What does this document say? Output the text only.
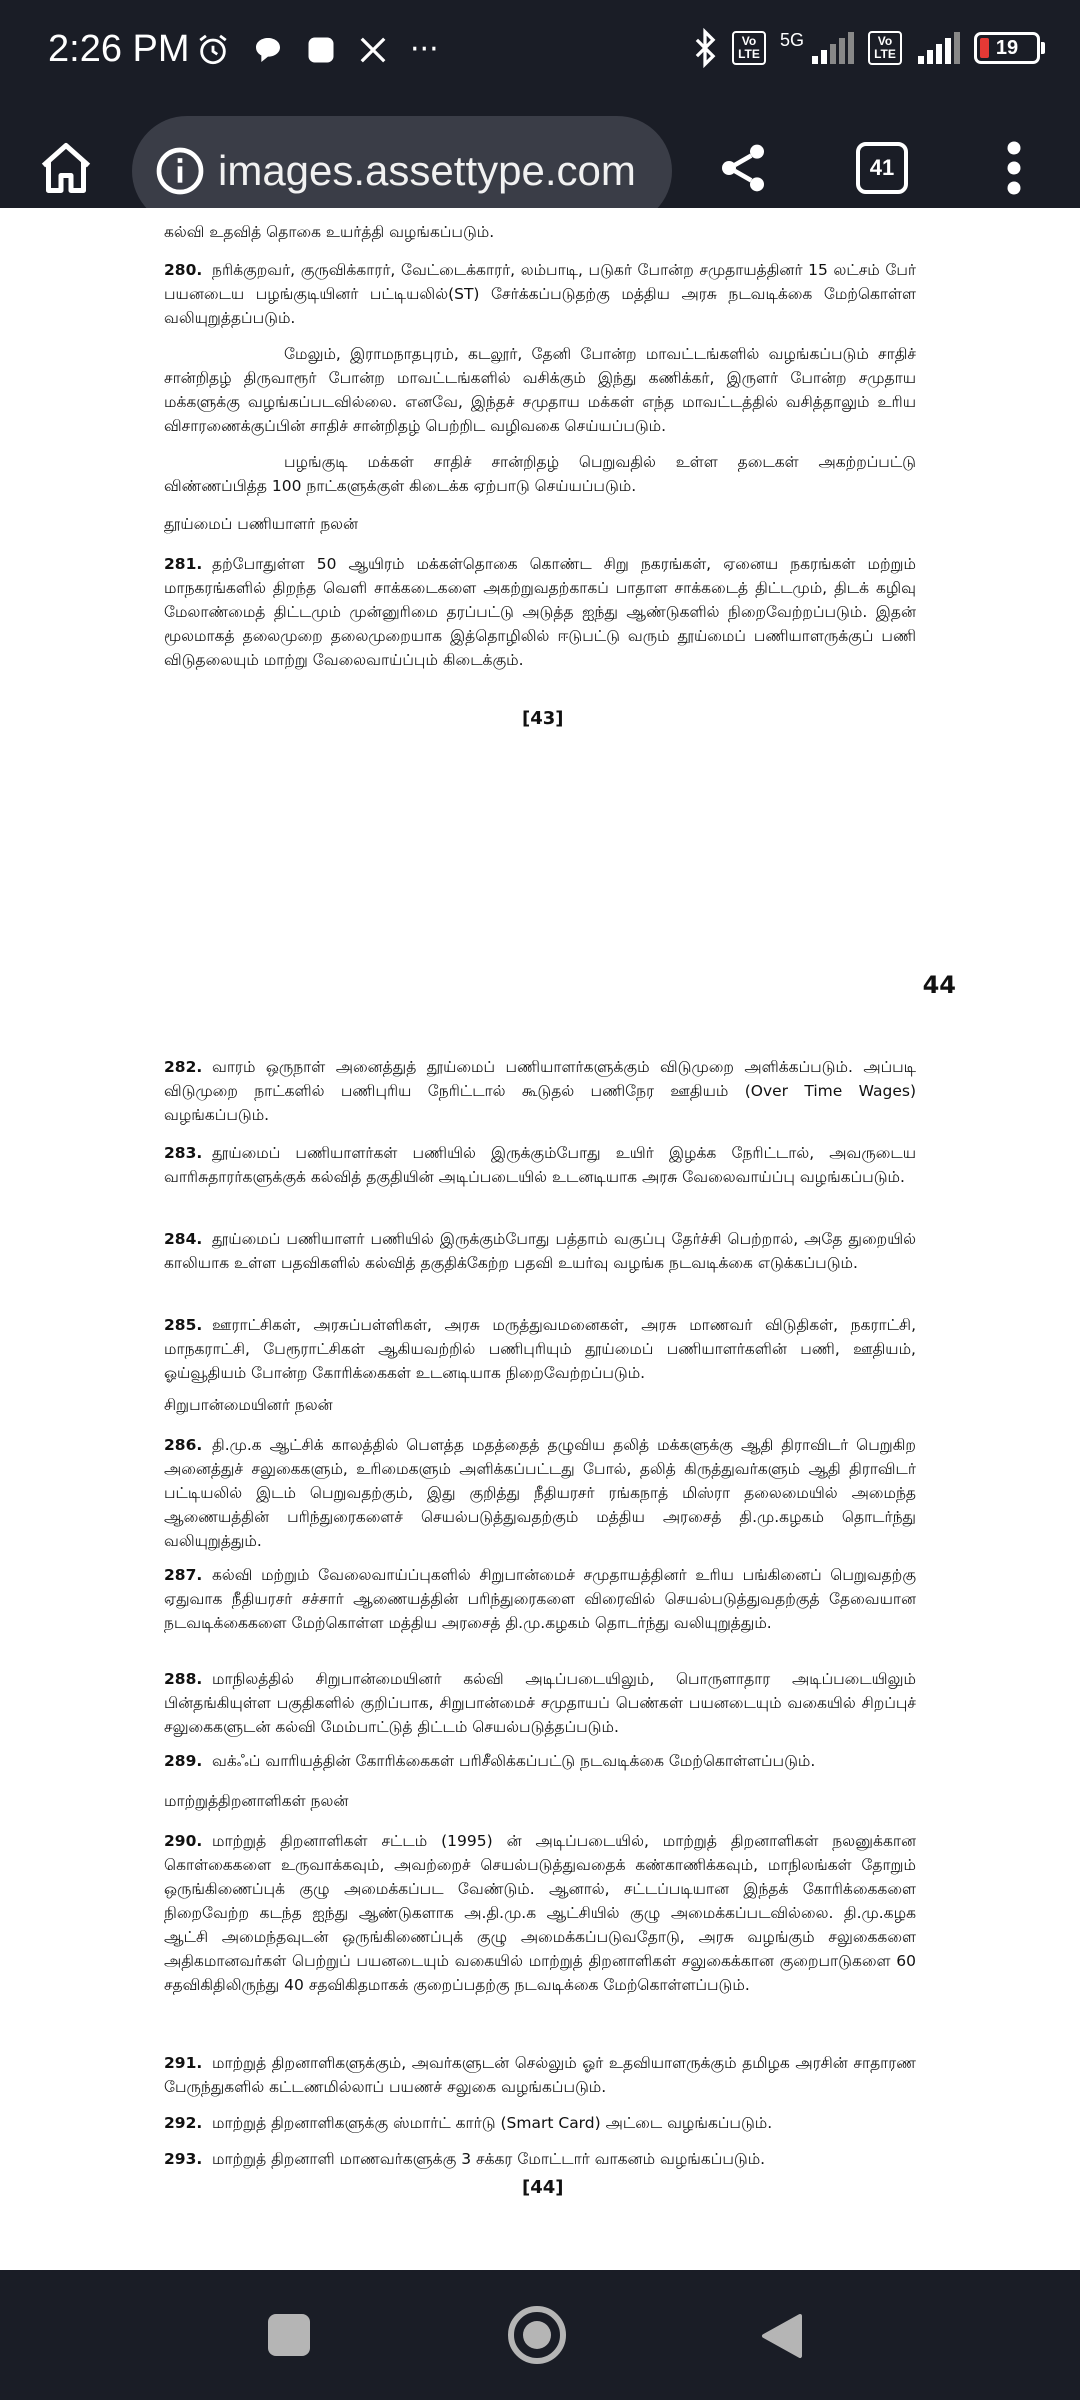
2:26 PM	···	Vo LTE
5G	Vo LTE	19
images.assettype.com	41
கல்வி உதவித் தொகை உயர்த்தி வழங்கப்படும்.
280. நரிக்குறவர், குருவிக்காரர், வேட்டைக்காரர், லம்பாடி, படுகர் போன்ற சமுதாயத்தினர் 15 லட்சம் பேர் பயனடைய பழங்குடியினர் பட்டியலில்(ST) சேர்க்கப்படுதற்கு மத்திய அரசு நடவடிக்கை மேற்கொள்ள வலியுறுத்தப்படும்.
மேலும், இராமநாதபுரம், கடலூர், தேனி போன்ற மாவட்டங்களில் வழங்கப்படும் சாதிச் சான்றிதழ் திருவாரூர் போன்ற மாவட்டங்களில் வசிக்கும் இந்து கணிக்கர், இருளர் போன்ற சமுதாய மக்களுக்கு வழங்கப்படவில்லை. எனவே, இந்தச் சமுதாய மக்கள் எந்த மாவட்டத்தில் வசித்தாலும் உரிய விசாரணைக்குப்பின் சாதிச் சான்றிதழ் பெற்றிட வழிவகை செய்யப்படும்.
பழங்குடி மக்கள் சாதிச் சான்றிதழ் பெறுவதில் உள்ள தடைகள் அகற்றப்பட்டு விண்ணப்பித்த 100 நாட்களுக்குள் கிடைக்க ஏற்பாடு செய்யப்படும்.
தூய்மைப் பணியாளர் நலன்
281. தற்போதுள்ள 50 ஆயிரம் மக்கள்தொகை கொண்ட சிறு நகரங்கள், ஏனைய நகரங்கள் மற்றும் மாநகரங்களில் திறந்த வெளி சாக்கடைகளை அகற்றுவதற்காகப் பாதாள சாக்கடைத் திட்டமும், திடக் கழிவு மேலாண்மைத் திட்டமும் முன்னுரிமை தரப்பட்டு அடுத்த ஐந்து ஆண்டுகளில் நிறைவேற்றப்படும். இதன் மூலமாகத் தலைமுறை தலைமுறையாக இத்தொழிலில் ஈடுபட்டு வரும் தூய்மைப் பணியாளருக்குப் பணி விடுதலையும் மாற்று வேலைவாய்ப்பும் கிடைக்கும்.
[43]
44
282. வாரம் ஒருநாள் அனைத்துத் தூய்மைப் பணியாளர்களுக்கும் விடுமுறை அளிக்கப்படும். அப்படி விடுமுறை நாட்களில் பணிபுரிய நேரிட்டால் கூடுதல் பணிநேர ஊதியம் (Over Time Wages) வழங்கப்படும்.
283. தூய்மைப் பணியாளர்கள் பணியில் இருக்கும்போது உயிர் இழக்க நேரிட்டால், அவருடைய வாரிசுதாரர்களுக்குக் கல்வித் தகுதியின் அடிப்படையில் உடனடியாக அரசு வேலைவாய்ப்பு வழங்கப்படும்.
284. தூய்மைப் பணியாளர் பணியில் இருக்கும்போது பத்தாம் வகுப்பு தேர்ச்சி பெற்றால், அதே துறையில் காலியாக உள்ள பதவிகளில் கல்வித் தகுதிக்கேற்ற பதவி உயர்வு வழங்க நடவடிக்கை எடுக்கப்படும்.
285. ஊராட்சிகள், அரசுப்பள்ளிகள், அரசு மருத்துவமனைகள், அரசு மாணவர் விடுதிகள், நகராட்சி, மாநகராட்சி, பேரூராட்சிகள் ஆகியவற்றில் பணிபுரியும் தூய்மைப் பணியாளர்களின் பணி, ஊதியம், ஓய்வூதியம் போன்ற கோரிக்கைகள் உடனடியாக நிறைவேற்றப்படும்.
சிறுபான்மையினர் நலன்
286. தி.மு.க ஆட்சிக் காலத்தில் பௌத்த மதத்தைத் தழுவிய தலித் மக்களுக்கு ஆதி திராவிடர் பெறுகிற அனைத்துச் சலுகைகளும், உரிமைகளும் அளிக்கப்பட்டது போல், தலித் கிருத்துவர்களும் ஆதி திராவிடர் பட்டியலில் இடம் பெறுவதற்கும், இது குறித்து நீதியரசர் ரங்கநாத் மிஸ்ரா தலைமையில் அமைந்த ஆணையத்தின் பரிந்துரைகளைச் செயல்படுத்துவதற்கும் மத்திய அரசைத் தி.மு.கழகம் தொடர்ந்து வலியுறுத்தும்.
287. கல்வி மற்றும் வேலைவாய்ப்புகளில் சிறுபான்மைச் சமுதாயத்தினர் உரிய பங்கினைப் பெறுவதற்கு ஏதுவாக நீதியரசர் சச்சார் ஆணையத்தின் பரிந்துரைகளை விரைவில் செயல்படுத்துவதற்குத் தேவையான நடவடிக்கைகளை மேற்கொள்ள மத்திய அரசைத் தி.மு.கழகம் தொடர்ந்து வலியுறுத்தும்.
288. மாநிலத்தில் சிறுபான்மையினர் கல்வி அடிப்படையிலும், பொருளாதார அடிப்படையிலும் பின்தங்கியுள்ள பகுதிகளில் குறிப்பாக, சிறுபான்மைச் சமுதாயப் பெண்கள் பயனடையும் வகையில் சிறப்புச் சலுகைகளுடன் கல்வி மேம்பாட்டுத் திட்டம் செயல்படுத்தப்படும்.
289. வக்ஃப் வாரியத்தின் கோரிக்கைகள் பரிசீலிக்கப்பட்டு நடவடிக்கை மேற்கொள்ளப்படும்.
மாற்றுத்திறனாளிகள் நலன்
290. மாற்றுத் திறனாளிகள் சட்டம் (1995) ன் அடிப்படையில், மாற்றுத் திறனாளிகள் நலனுக்கான கொள்கைகளை உருவாக்கவும், அவற்றைச் செயல்படுத்துவதைக் கண்காணிக்கவும், மாநிலங்கள் தோறும் ஒருங்கிணைப்புக் குழு அமைக்கப்பட வேண்டும். ஆனால், சட்டப்படியான இந்தக் கோரிக்கைகளை நிறைவேற்ற கடந்த ஐந்து ஆண்டுகளாக அ.தி.மு.க ஆட்சியில் குழு அமைக்கப்படவில்லை. தி.மு.கழக ஆட்சி அமைந்தவுடன் ஒருங்கிணைப்புக் குழு அமைக்கப்படுவதோடு, அரசு வழங்கும் சலுகைகளை அதிகமானவர்கள் பெற்றுப் பயனடையும் வகையில் மாற்றுத் திறனாளிகள் சலுகைக்கான குறைபாடுகளை 60 சதவிகிதிலிருந்து 40 சதவிகிதமாகக் குறைப்பதற்கு நடவடிக்கை மேற்கொள்ளப்படும்.
291. மாற்றுத் திறனாளிகளுக்கும், அவர்களுடன் செல்லும் ஓர் உதவியாளருக்கும் தமிழக அரசின் சாதாரண பேருந்துகளில் கட்டணமில்லாப் பயணச் சலுகை வழங்கப்படும்.
292. மாற்றுத் திறனாளிகளுக்கு ஸ்மார்ட் கார்டு (Smart Card) அட்டை வழங்கப்படும்.
293. மாற்றுத் திறனாளி மாணவர்களுக்கு 3 சக்கர மோட்டார் வாகனம் வழங்கப்படும்.
[44]
